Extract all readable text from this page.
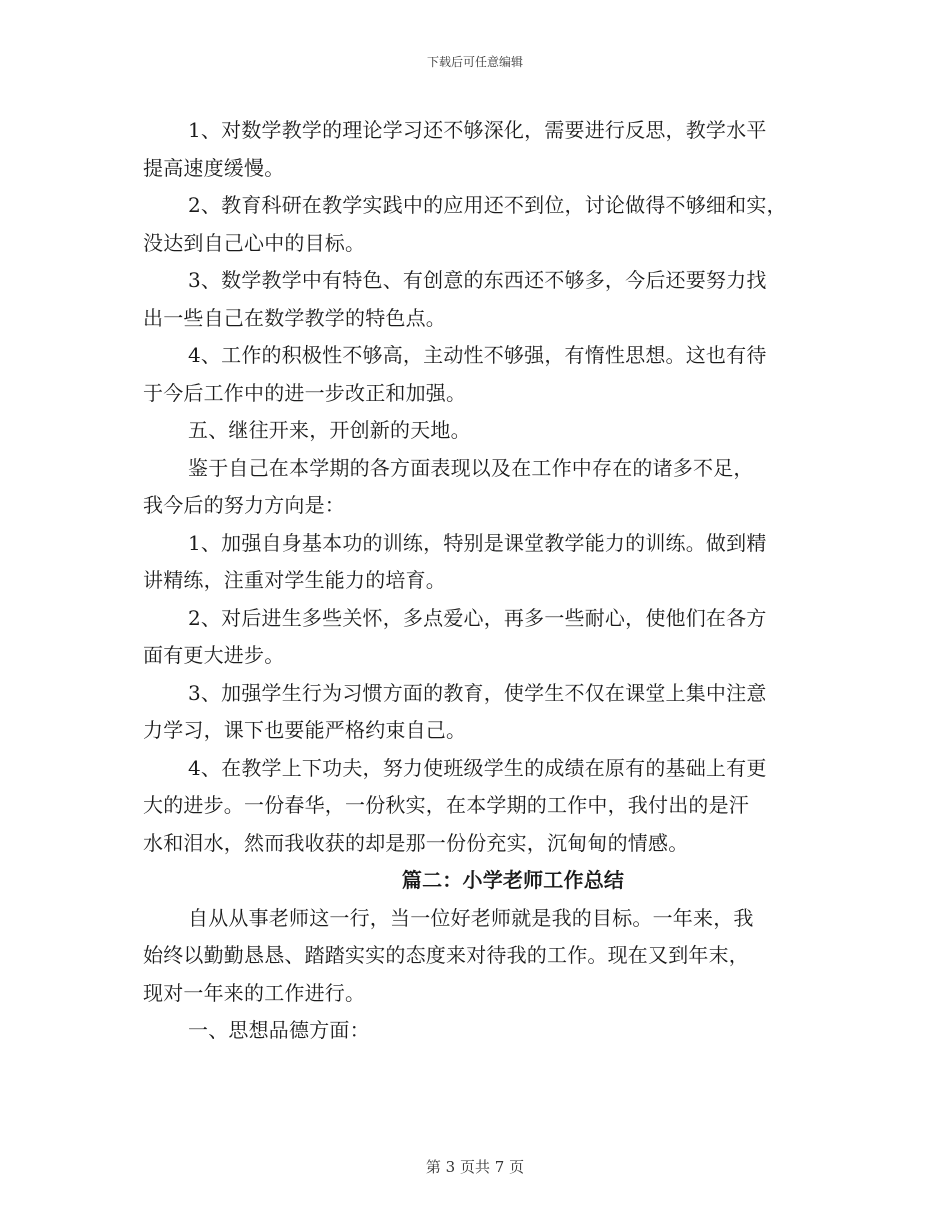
下载后可任意编辑
1、对数学教学的理论学习还不够深化，需要进行反思，教学水平
提高速度缓慢。
2、教育科研在教学实践中的应用还不到位，讨论做得不够细和实，
没达到自己心中的目标。
3、数学教学中有特色、有创意的东西还不够多，今后还要努力找
出一些自己在数学教学的特色点。
4、工作的积极性不够高，主动性不够强，有惰性思想。这也有待
于今后工作中的进一步改正和加强。
五、继往开来，开创新的天地。
鉴于自己在本学期的各方面表现以及在工作中存在的诸多不足，
我今后的努力方向是：
1、加强自身基本功的训练，特别是课堂教学能力的训练。做到精
讲精练，注重对学生能力的培育。
2、对后进生多些关怀，多点爱心，再多一些耐心，使他们在各方
面有更大进步。
3、加强学生行为习惯方面的教育，使学生不仅在课堂上集中注意
力学习，课下也要能严格约束自己。
4、在教学上下功夫，努力使班级学生的成绩在原有的基础上有更
大的进步。一份春华，一份秋实，在本学期的工作中，我付出的是汗
水和泪水，然而我收获的却是那一份份充实，沉甸甸的情感。
篇二：小学老师工作总结
自从从事老师这一行，当一位好老师就是我的目标。一年来，我
始终以勤勤恳恳、踏踏实实的态度来对待我的工作。现在又到年末，
现对一年来的工作进行。
一、思想品德方面：
第 3 页共 7 页
